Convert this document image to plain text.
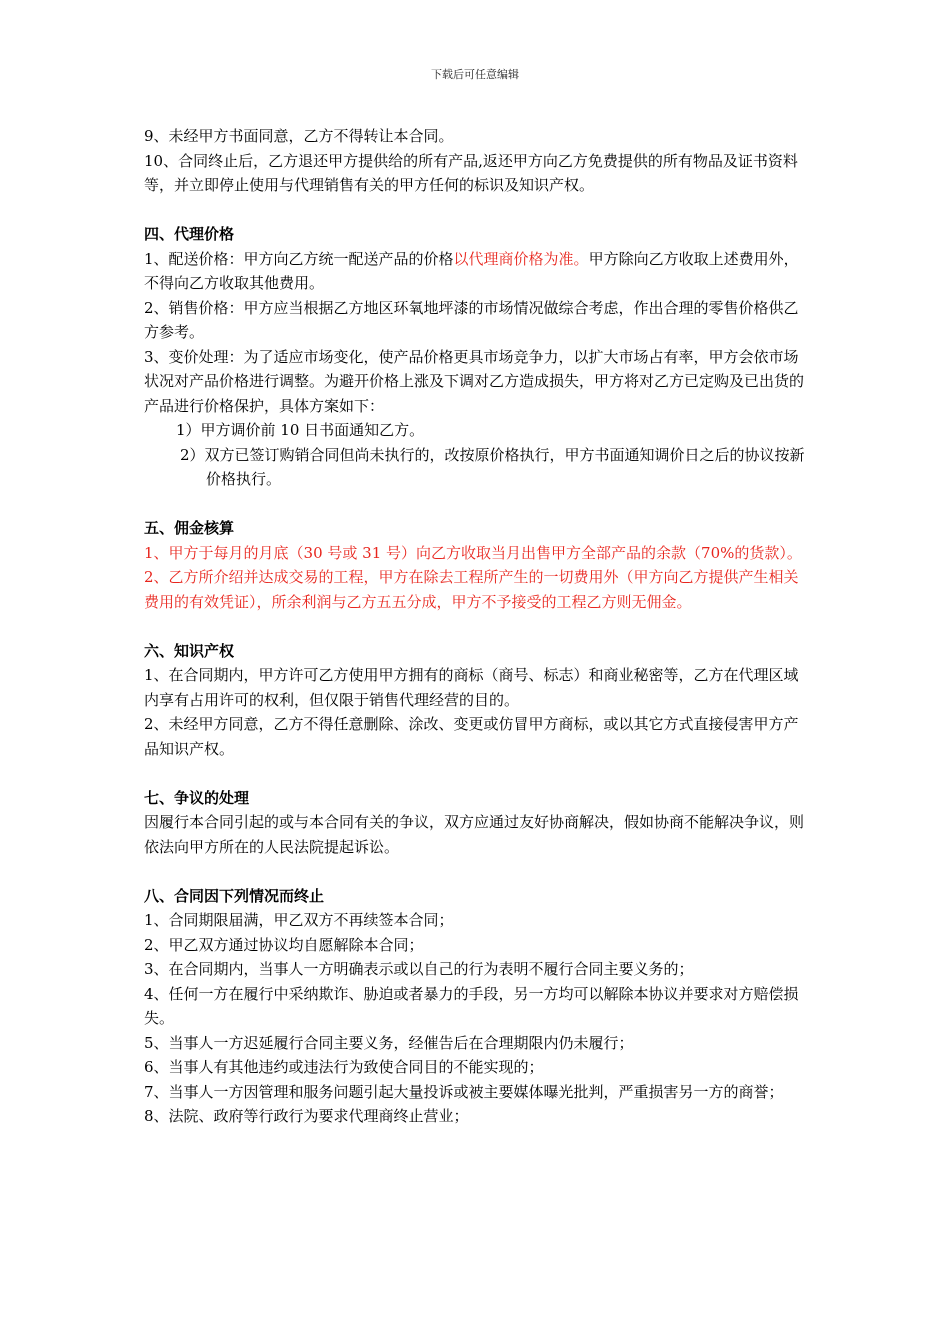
下载后可任意编辑

9、未经甲方书面同意，乙方不得转让本合同。

10、合同终止后，乙方退还甲方提供给的所有产品,返还甲方向乙方免费提供的所有物品及证书资料等，并立即停止使用与代理销售有关的甲方任何的标识及知识产权。

四、代理价格

1、配送价格：甲方向乙方统一配送产品的价格以代理商价格为准。甲方除向乙方收取上述费用外，不得向乙方收取其他费用。

2、销售价格：甲方应当根据乙方地区环氧地坪漆的市场情况做综合考虑，作出合理的零售价格供乙方参考。

3、变价处理：为了适应市场变化，使产品价格更具市场竞争力，以扩大市场占有率，甲方会依市场状况对产品价格进行调整。为避开价格上涨及下调对乙方造成损失，甲方将对乙方已定购及已出货的产品进行价格保护，具体方案如下：

1）甲方调价前 10 日书面通知乙方。

2）双方已签订购销合同但尚未执行的，改按原价格执行，甲方书面通知调价日之后的协议按新价格执行。

五、佣金核算

1、甲方于每月的月底（30 号或 31 号）向乙方收取当月出售甲方全部产品的余款（70%的货款）。

2、乙方所介绍并达成交易的工程，甲方在除去工程所产生的一切费用外（甲方向乙方提供产生相关费用的有效凭证），所余利润与乙方五五分成，甲方不予接受的工程乙方则无佣金。

六、知识产权

1、在合同期内，甲方许可乙方使用甲方拥有的商标（商号、标志）和商业秘密等，乙方在代理区域内享有占用许可的权利，但仅限于销售代理经营的目的。

2、未经甲方同意，乙方不得任意删除、涂改、变更或仿冒甲方商标，或以其它方式直接侵害甲方产品知识产权。

七、争议的处理

因履行本合同引起的或与本合同有关的争议，双方应通过友好协商解决，假如协商不能解决争议，则依法向甲方所在的人民法院提起诉讼。

八、合同因下列情况而终止

1、合同期限届满，甲乙双方不再续签本合同；

2、甲乙双方通过协议均自愿解除本合同；

3、在合同期内，当事人一方明确表示或以自己的行为表明不履行合同主要义务的；

4、任何一方在履行中采纳欺诈、胁迫或者暴力的手段，另一方均可以解除本协议并要求对方赔偿损失。

5、当事人一方迟延履行合同主要义务，经催告后在合理期限内仍未履行；

6、当事人有其他违约或违法行为致使合同目的不能实现的；

7、当事人一方因管理和服务问题引起大量投诉或被主要媒体曝光批判，严重损害另一方的商誉；

8、法院、政府等行政行为要求代理商终止营业；
